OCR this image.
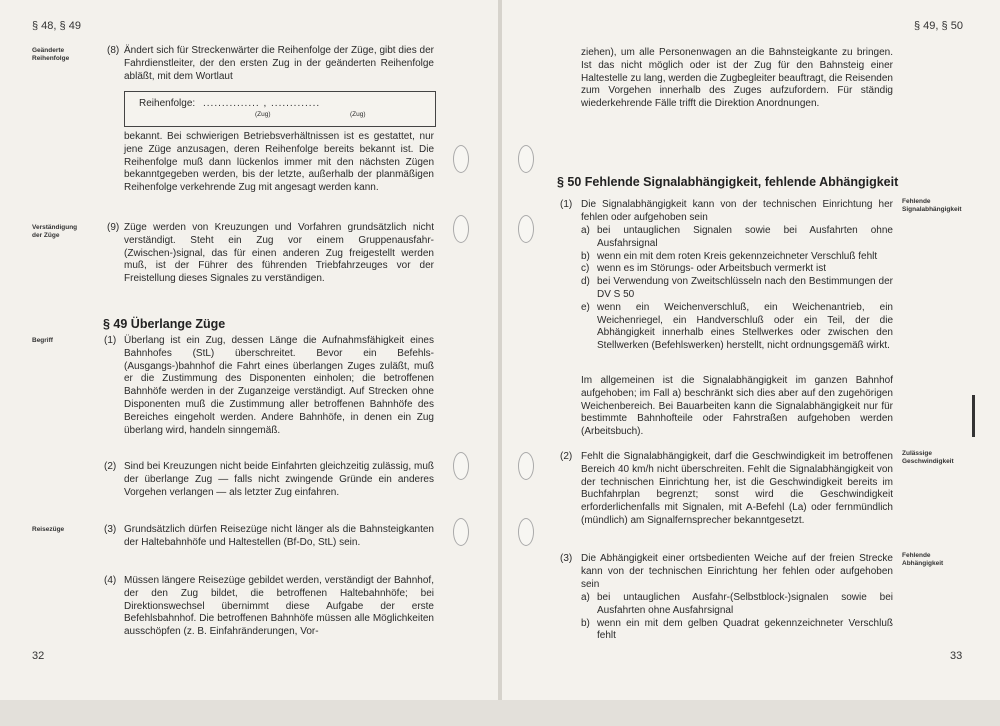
§ 48, § 49
Geänderte Reihenfolge
(8) Ändert sich für Streckenwärter die Reihenfolge der Züge, gibt dies der Fahrdienstleiter, der den ersten Zug in der geänderten Reihenfolge abläßt, mit dem Wortlaut
Reihenfolge: ............... , .............
(Zug)	(Zug)
bekannt. Bei schwierigen Betriebsverhältnissen ist es gestattet, nur jene Züge anzusagen, deren Reihenfolge bereits bekannt ist. Die Reihenfolge muß dann lückenlos immer mit den nächsten Zügen bekanntgegeben werden, bis der letzte, außerhalb der planmäßigen Reihenfolge verkehrende Zug mit angesagt werden kann.
Verständigung der Züge
(9) Züge werden von Kreuzungen und Vorfahren grundsätzlich nicht verständigt. Steht ein Zug vor einem Gruppenausfahr-(Zwischen-)signal, das für einen anderen Zug freigestellt werden muß, ist der Führer des führenden Triebfahrzeuges vor der Freistellung dieses Signales zu verständigen.
§ 49 Überlange Züge
Begriff	(1) Überlang ist ein Zug, dessen Länge die Aufnahmsfähigkeit eines Bahnhofes (StL) überschreitet. Bevor ein Befehls-(Ausgangs-)bahnhof die Fahrt eines überlangen Zuges zuläßt, muß er die Zustimmung des Disponenten einholen; die betroffenen Bahnhöfe werden in der Zuganzeige verständigt. Auf Strecken ohne Disponenten muß die Zustimmung aller betroffenen Bahnhöfe des Bereiches eingeholt werden. Andere Bahnhöfe, in denen ein Zug überlang wird, handeln sinngemäß.
(2) Sind bei Kreuzungen nicht beide Einfahrten gleichzeitig zulässig, muß der überlange Zug — falls nicht zwingende Gründe ein anderes Vorgehen verlangen — als letzter Zug einfahren.
Reisezüge	(3) Grundsätzlich dürfen Reisezüge nicht länger als die Bahnsteigkanten der Haltebahnhöfe und Haltestellen (Bf-Do, StL) sein.
(4) Müssen längere Reisezüge gebildet werden, verständigt der Bahnhof, der den Zug bildet, die betroffenen Haltebahnhöfe; bei Direktionswechsel übernimmt diese Aufgabe der erste Befehlsbahnhof. Die betroffenen Bahnhöfe müssen alle Möglichkeiten ausschöpfen (z. B. Einfahränderungen, Vor-
32
§ 49, § 50
ziehen), um alle Personenwagen an die Bahnsteigkante zu bringen. Ist das nicht möglich oder ist der Zug für den Bahnsteig einer Haltestelle zu lang, werden die Zugbegleiter beauftragt, die Reisenden zum Vorgehen innerhalb des Zuges aufzufordern. Für ständig wiederkehrende Fälle trifft die Direktion Anordnungen.
§ 50 Fehlende Signalabhängigkeit, fehlende Abhängigkeit
Fehlende Signalabhängigkeit
(1) Die Signalabhängigkeit kann von der technischen Einrichtung her fehlen oder aufgehoben sein
a) bei untauglichen Signalen sowie bei Ausfahrten ohne Ausfahrsignal
b) wenn ein mit dem roten Kreis gekennzeichneter Verschluß fehlt
c) wenn es im Störungs- oder Arbeitsbuch vermerkt ist
d) bei Verwendung von Zweitschlüsseln nach den Bestimmungen der DV S 50
e) wenn ein Weichenverschluß, ein Weichenantrieb, ein Weichenriegel, ein Handverschluß oder ein Teil, der die Abhängigkeit innerhalb eines Stellwerkes oder zwischen den Stellwerken (Befehlswerken) herstellt, nicht ordnungsgemäß wirkt.
Im allgemeinen ist die Signalabhängigkeit im ganzen Bahnhof aufgehoben; im Fall a) beschränkt sich dies aber auf den zugehörigen Weichenbereich. Bei Bauarbeiten kann die Signalabhängigkeit nur für bestimmte Bahnhofteile oder Fahrstraßen aufgehoben werden (Arbeitsbuch).
Zulässige Geschwindigkeit
(2) Fehlt die Signalabhängigkeit, darf die Geschwindigkeit im betroffenen Bereich 40 km/h nicht überschreiten. Fehlt die Signalabhängigkeit von der technischen Einrichtung her, ist die Geschwindigkeit bereits im Buchfahrplan begrenzt; sonst wird die Geschwindigkeit erforderlichenfalls mit Signalen, mit A-Befehl (La) oder fernmündlich (mündlich) am Signalfernsprecher bekanntgesetzt.
Fehlende Abhängigkeit
(3) Die Abhängigkeit einer ortsbedienten Weiche auf der freien Strecke kann von der technischen Einrichtung her fehlen oder aufgehoben sein
a) bei untauglichen Ausfahr-(Selbstblock-)signalen sowie bei Ausfahrten ohne Ausfahrsignal
b) wenn ein mit dem gelben Quadrat gekennzeichneter Verschluß fehlt
33
